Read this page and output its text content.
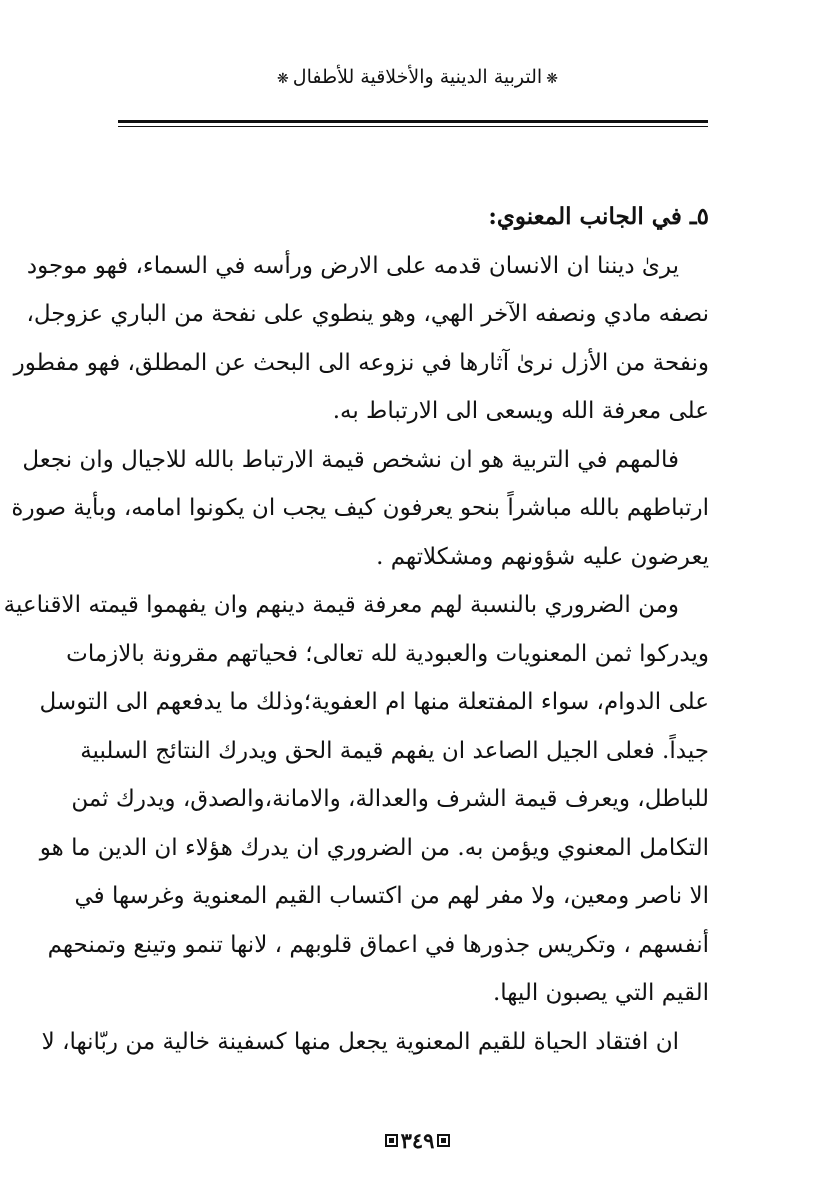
❋التربية الدينية والأخلاقية للأطفال❋
٥ـ في الجانب المعنوي:
يرىٰ ديننا ان الانسان قدمه على الارض ورأسه في السماء، فهو موجود
نصفه مادي ونصفه الآخر الهي، وهو ينطوي على نفحة من الباري عزوجل،
ونفحة من الأزل نرىٰ آثارها في نزوعه الى البحث عن المطلق، فهو مفطور
على معرفة الله ويسعى الى الارتباط به.
فالمهم في التربية هو ان نشخص قيمة الارتباط بالله للاجيال وان نجعل
ارتباطهم بالله مباشراً بنحو يعرفون كيف يجب ان يكونوا امامه، وبأية صورة
يعرضون عليه شؤونهم ومشكلاتهم .
ومن الضروري بالنسبة لهم معرفة قيمة دينهم وان يفهموا قيمته الاقناعية
ويدركوا ثمن المعنويات والعبودية لله تعالى؛ فحياتهم مقرونة بالازمات
على الدوام، سواء المفتعلة منها ام العفوية؛وذلك ما يدفعهم الى التوسل
جيداً. فعلى الجيل الصاعد ان يفهم قيمة الحق ويدرك النتائج السلبية
للباطل، ويعرف قيمة الشرف والعدالة، والامانة،والصدق، ويدرك ثمن
التكامل المعنوي ويؤمن به. من الضروري ان يدرك هؤلاء ان الدين ما هو
الا ناصر ومعين، ولا مفر لهم من اكتساب القيم المعنوية وغرسها في
أنفسهم ، وتكريس جذورها في اعماق قلوبهم ، لانها تنمو وتينع وتمنحهم
القيم التي يصبون اليها.
ان افتقاد الحياة للقيم المعنوية يجعل منها كسفينة خالية من ربّانها، لا
٣٤٩
